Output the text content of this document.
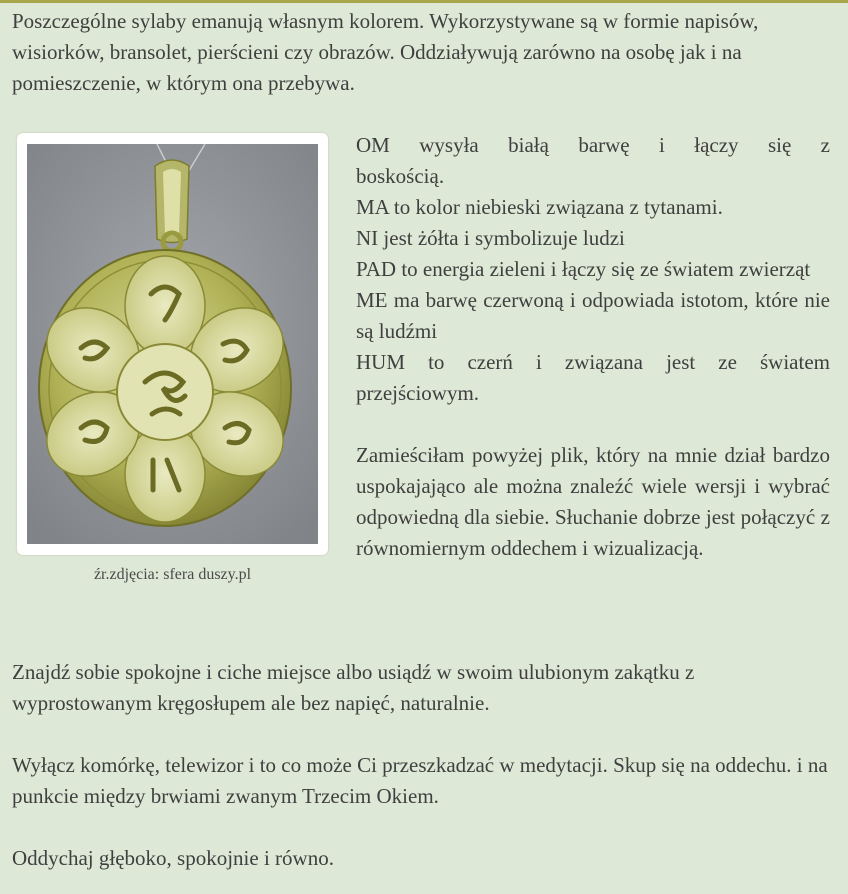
Poszczególne sylaby emanują własnym kolorem. Wykorzystywane są w formie napisów, wisiorków, bransolet, pierścieni czy obrazów. Oddziaływują zarówno na osobę jak i na pomieszczenie, w którym ona przebywa.

źr.zdjęcia: sfera duszy.pl

OM wysyła białą barwę i łączy się z

boskością.

MA to kolor niebieski związana z tytanami.

NI jest żółta i symbolizuje ludzi

PAD to energia zieleni i łączy się ze światem zwierząt

ME ma barwę czerwoną i odpowiada istotom, które nie są ludźmi

HUM to czerń i związana jest ze światem przejściowym.

Zamieściłam powyżej plik, który na mnie dział bardzo uspokajająco ale można znaleźć wiele wersji i wybrać odpowiedną dla siebie. Słuchanie dobrze jest połączyć z równomiernym oddechem i wizualizacją.

Znajdź sobie spokojne i ciche miejsce albo usiądź w swoim ulubionym zakątku z wyprostowanym kręgosłupem ale bez napięć, naturalnie.

Wyłącz komórkę, telewizor i to co może Ci przeszkadzać w medytacji. Skup się na oddechu. i na punkcie między brwiami zwanym Trzecim Okiem.

Oddychaj głęboko, spokojnie i równo.
